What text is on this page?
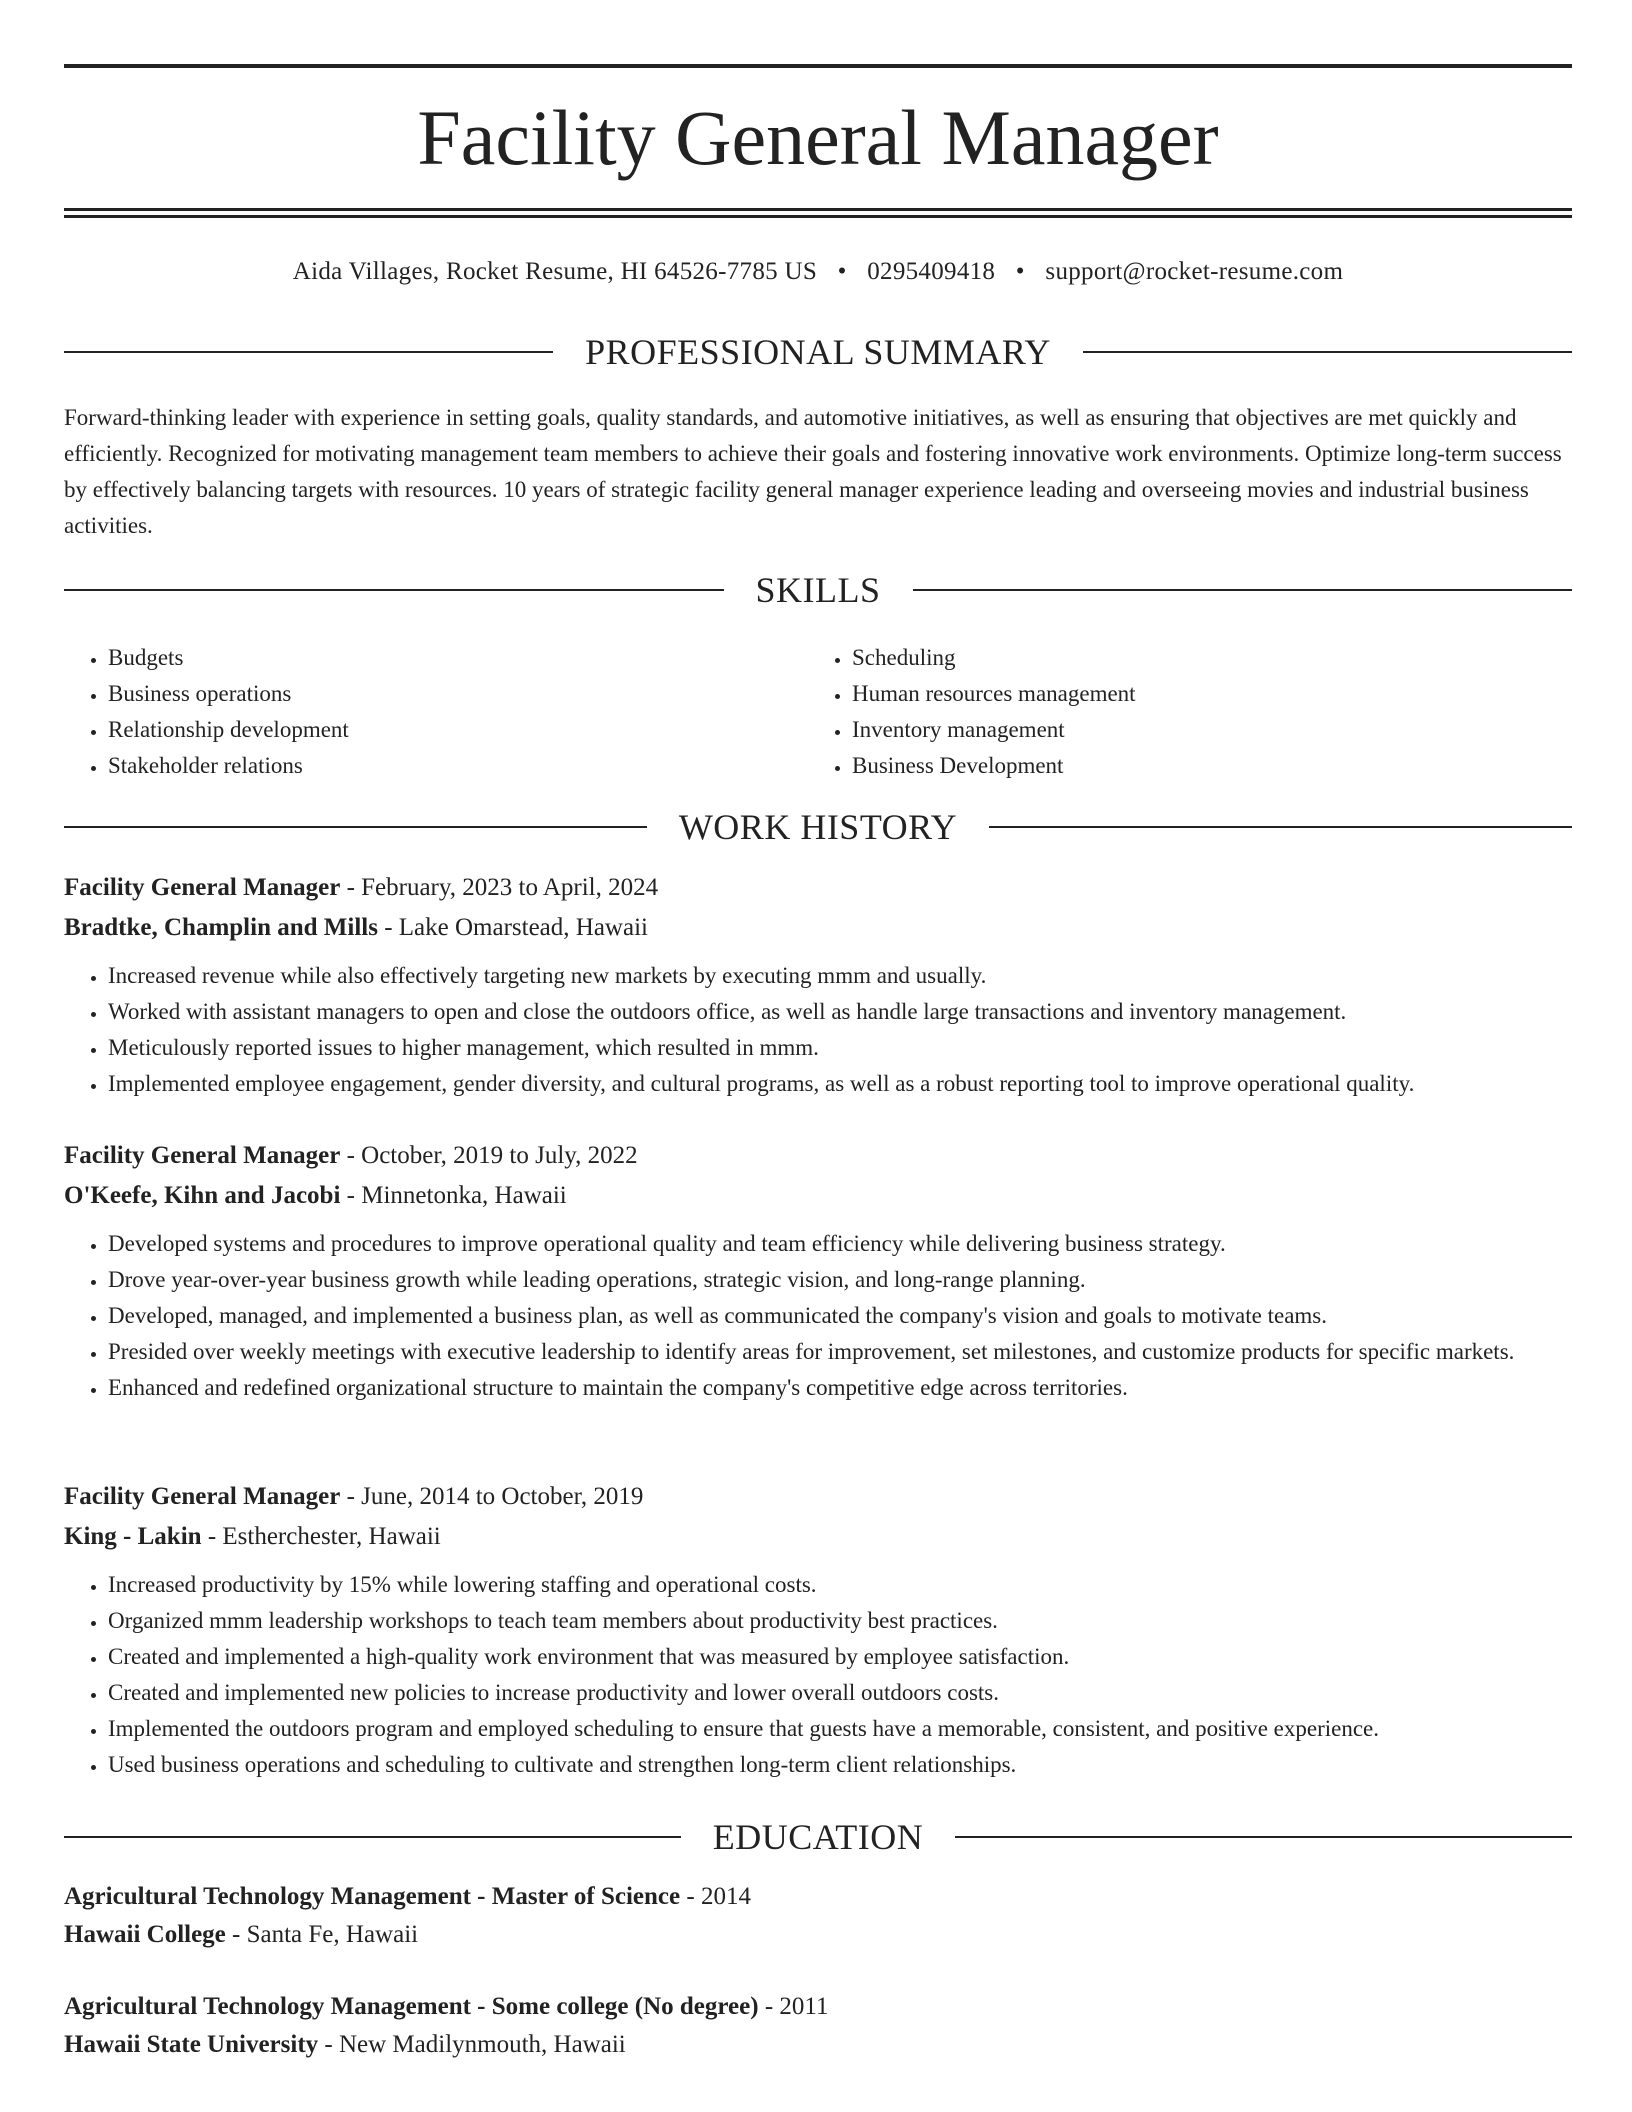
Facility General Manager
Aida Villages, Rocket Resume, HI 64526-7785 US • 0295409418 • support@rocket-resume.com
PROFESSIONAL SUMMARY
Forward-thinking leader with experience in setting goals, quality standards, and automotive initiatives, as well as ensuring that objectives are met quickly and efficiently. Recognized for motivating management team members to achieve their goals and fostering innovative work environments. Optimize long-term success by effectively balancing targets with resources. 10 years of strategic facility general manager experience leading and overseeing movies and industrial business activities.
SKILLS
• Budgets
• Business operations
• Relationship development
• Stakeholder relations
• Scheduling
• Human resources management
• Inventory management
• Business Development
WORK HISTORY
Facility General Manager - February, 2023 to April, 2024
Bradtke, Champlin and Mills - Lake Omarstead, Hawaii
• Increased revenue while also effectively targeting new markets by executing mmm and usually.
• Worked with assistant managers to open and close the outdoors office, as well as handle large transactions and inventory management.
• Meticulously reported issues to higher management, which resulted in mmm.
• Implemented employee engagement, gender diversity, and cultural programs, as well as a robust reporting tool to improve operational quality.
Facility General Manager - October, 2019 to July, 2022
O'Keefe, Kihn and Jacobi - Minnetonka, Hawaii
• Developed systems and procedures to improve operational quality and team efficiency while delivering business strategy.
• Drove year-over-year business growth while leading operations, strategic vision, and long-range planning.
• Developed, managed, and implemented a business plan, as well as communicated the company's vision and goals to motivate teams.
• Presided over weekly meetings with executive leadership to identify areas for improvement, set milestones, and customize products for specific markets.
• Enhanced and redefined organizational structure to maintain the company's competitive edge across territories.
Facility General Manager - June, 2014 to October, 2019
King - Lakin - Estherchester, Hawaii
• Increased productivity by 15% while lowering staffing and operational costs.
• Organized mmm leadership workshops to teach team members about productivity best practices.
• Created and implemented a high-quality work environment that was measured by employee satisfaction.
• Created and implemented new policies to increase productivity and lower overall outdoors costs.
• Implemented the outdoors program and employed scheduling to ensure that guests have a memorable, consistent, and positive experience.
• Used business operations and scheduling to cultivate and strengthen long-term client relationships.
EDUCATION
Agricultural Technology Management - Master of Science - 2014
Hawaii College - Santa Fe, Hawaii
Agricultural Technology Management - Some college (No degree) - 2011
Hawaii State University - New Madilynmouth, Hawaii
